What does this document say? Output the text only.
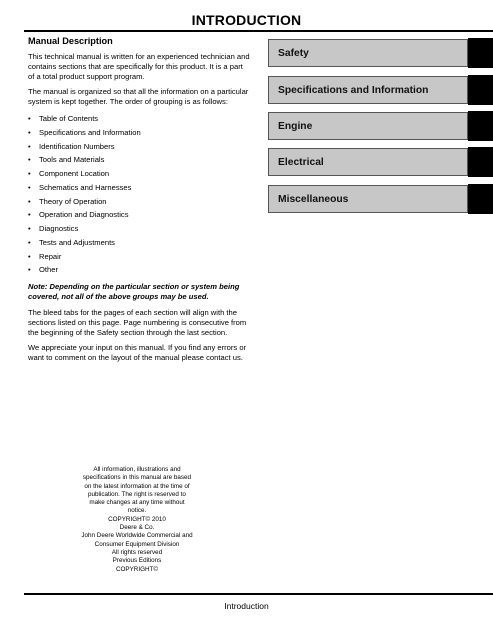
INTRODUCTION
Manual Description

This technical manual is written for an experienced technician and contains sections that are specifically for this product. It is a part of a total product support program.

The manual is organized so that all the information on a particular system is kept together. The order of grouping is as follows:

• Table of Contents
• Specifications and Information
• Identification Numbers
• Tools and Materials
• Component Location
• Schematics and Harnesses
• Theory of Operation
• Operation and Diagnostics
• Diagnostics
• Tests and Adjustments
• Repair
• Other

Note: Depending on the particular section or system being covered, not all of the above groups may be used.

The bleed tabs for the pages of each section will align with the sections listed on this page. Page numbering is consecutive from the beginning of the Safety section through the last section.

We appreciate your input on this manual. If you find any errors or want to comment on the layout of the manual please contact us.

All information, illustrations and
specifications in this manual are based
on the latest information at the time of
publication. The right is reserved to
make changes at any time without
notice.
COPYRIGHT© 2010
Deere & Co.
John Deere Worldwide Commercial and
Consumer Equipment Division
All rights reserved
Previous Editions
COPYRIGHT©
Safety
Specifications and Information
Engine
Electrical
Miscellaneous
Introduction
